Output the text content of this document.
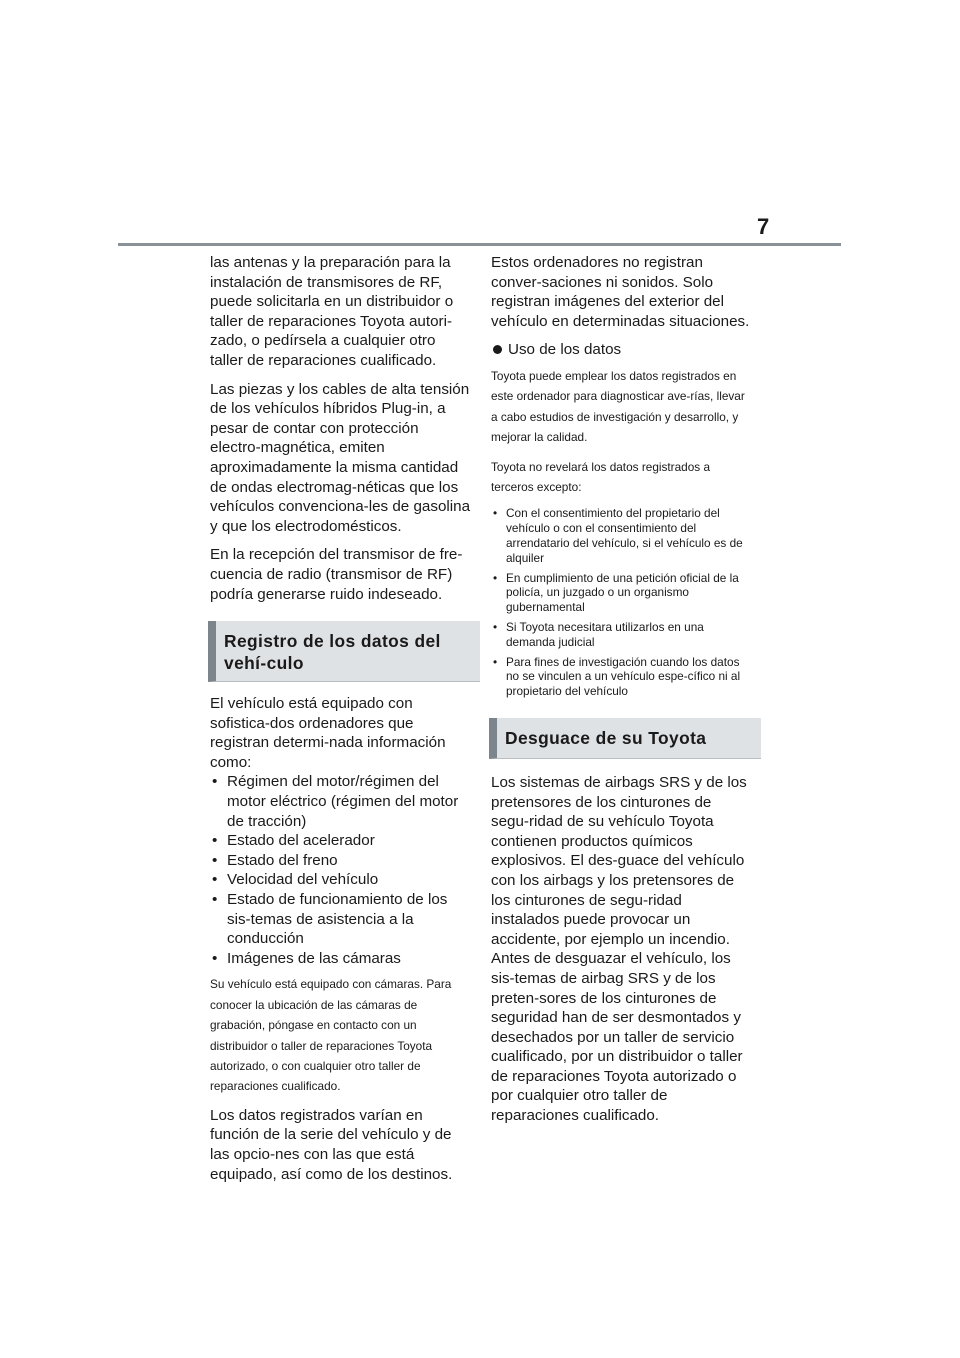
7

las antenas y la preparación para la instalación de transmisores de RF, puede solicitarla en un distribuidor o taller de reparaciones Toyota autori-zado, o pedírsela a cualquier otro taller de reparaciones cualificado.

Las piezas y los cables de alta tensión de los vehículos híbridos Plug-in, a pesar de contar con protección electro-magnética, emiten aproximadamente la misma cantidad de ondas electromag-néticas que los vehículos convenciona-les de gasolina y que los electrodomésticos.

En la recepción del transmisor de fre-cuencia de radio (transmisor de RF) podría generarse ruido indeseado.

Registro de los datos del vehí-culo

El vehículo está equipado con sofistica-dos ordenadores que registran determi-nada información como:

• Régimen del motor/régimen del motor eléctrico (régimen del motor de tracción)
• Estado del acelerador
• Estado del freno
• Velocidad del vehículo
• Estado de funcionamiento de los sis-temas de asistencia a la conducción
• Imágenes de las cámaras

Su vehículo está equipado con cámaras. Para conocer la ubicación de las cámaras de grabación, póngase en contacto con un distribuidor o taller de reparaciones Toyota autorizado, o con cualquier otro taller de reparaciones cualificado.

Los datos registrados varían en función de la serie del vehículo y de las opcio-nes con las que está equipado, así como de los destinos.

Estos ordenadores no registran conver-saciones ni sonidos. Solo registran imágenes del exterior del vehículo en determinadas situaciones.

Uso de los datos

Toyota puede emplear los datos registrados en este ordenador para diagnosticar ave-rías, llevar a cabo estudios de investigación y desarrollo, y mejorar la calidad.

Toyota no revelará los datos registrados a terceros excepto:

• Con el consentimiento del propietario del vehículo o con el consentimiento del arrendatario del vehículo, si el vehículo es de alquiler
• En cumplimiento de una petición oficial de la policía, un juzgado o un organismo gubernamental
• Si Toyota necesitara utilizarlos en una demanda judicial
• Para fines de investigación cuando los datos no se vinculen a un vehículo espe-cífico ni al propietario del vehículo
Desguace de su Toyota

Los sistemas de airbags SRS y de los pretensores de los cinturones de segu-ridad de su vehículo Toyota contienen productos químicos explosivos. El des-guace del vehículo con los airbags y los pretensores de los cinturones de segu-ridad instalados puede provocar un accidente, por ejemplo un incendio. Antes de desguazar el vehículo, los sis-temas de airbag SRS y de los preten-sores de los cinturones de seguridad han de ser desmontados y desechados por un taller de servicio cualificado, por un distribuidor o taller de reparaciones Toyota autorizado o por cualquier otro taller de reparaciones cualificado.
